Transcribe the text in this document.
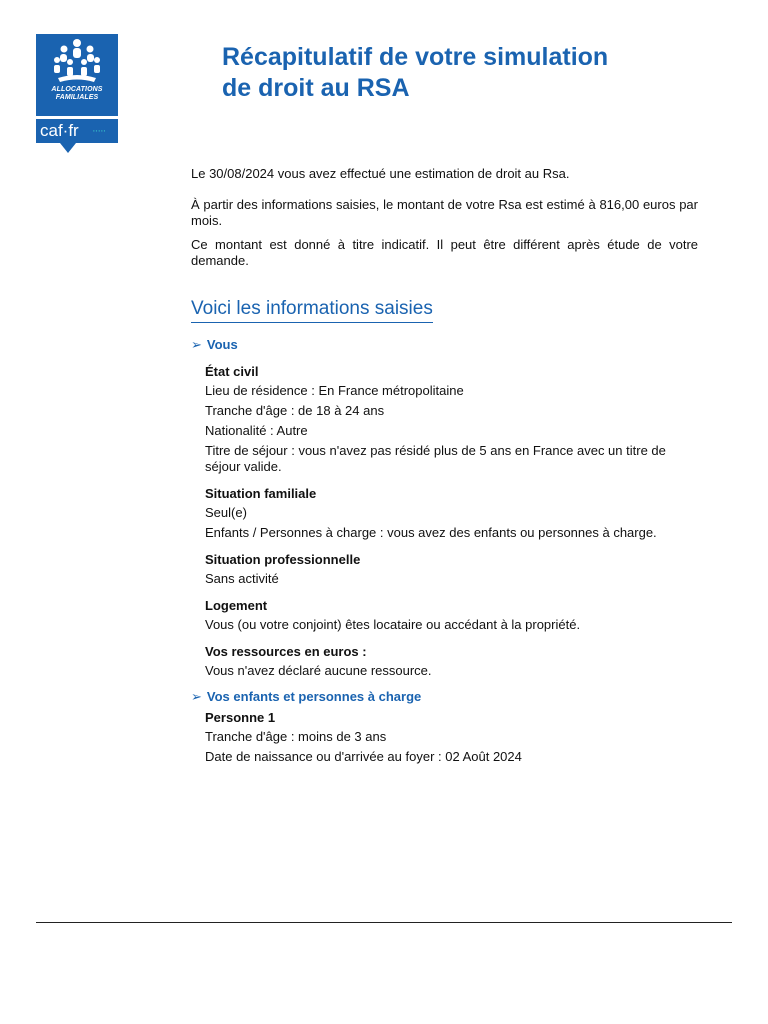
ALLOCATIONS
FAMILIALES
caf·fr ·····
Récapitulatif de votre simulation
de droit au RSA

Le 30/08/2024 vous avez effectué une estimation de droit au Rsa.

À partir des informations saisies, le montant de votre Rsa est estimé à 816,00 euros par mois.

Ce montant est donné à titre indicatif. Il peut être différent après étude de votre demande.

Voici les informations saisies
➢ Vous
État civil
Lieu de résidence : En France métropolitaine
Tranche d'âge : de 18 à 24 ans
Nationalité : Autre
Titre de séjour : vous n'avez pas résidé plus de 5 ans en France avec un titre de séjour valide.
Situation familiale
Seul(e)
Enfants / Personnes à charge : vous avez des enfants ou personnes à charge.
Situation professionnelle
Sans activité
Logement
Vous (ou votre conjoint) êtes locataire ou accédant à la propriété.
Vos ressources en euros :
Vous n'avez déclaré aucune ressource.
➢ Vos enfants et personnes à charge
Personne 1
Tranche d'âge : moins de 3 ans
Date de naissance ou d'arrivée au foyer : 02 Août 2024
